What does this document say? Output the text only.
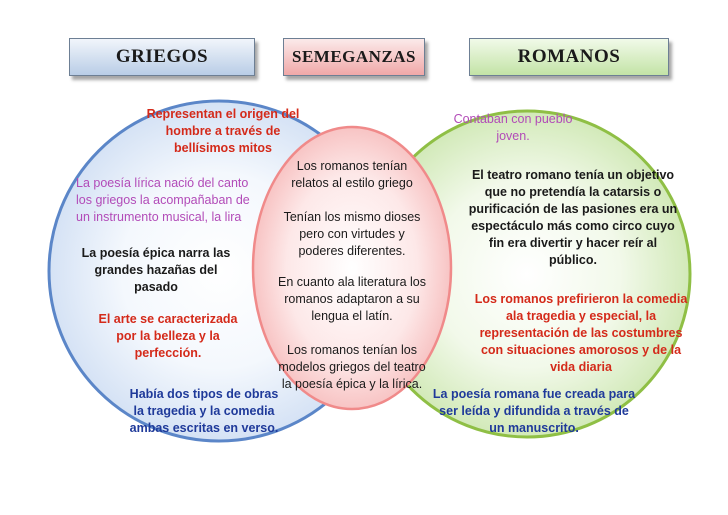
GRIEGOS	SEMEGANZAS	ROMANOS
Representan el origen del
hombre a través de
bellísimos mitos
La poesía lírica nació del canto
los griegos la acompañaban de
un instrumento musical, la lira
La poesía épica narra las
grandes hazañas del
pasado
El arte se caracterizada
por la belleza y la
perfección.
Había dos tipos de obras
la tragedia y la comedia
ambas escritas en verso.
Los romanos tenían
relatos al estilo griego
Tenían los mismo dioses
pero con virtudes y
poderes diferentes.
En cuanto ala literatura los
romanos adaptaron a su
lengua el latín.
Los romanos tenían los
modelos griegos del teatro
la poesía épica y la lírica.
Contaban con pueblo
joven.
El teatro romano tenía un objetivo
que no pretendía la catarsis o
purificación de las pasiones era un
espectáculo más como circo cuyo
fin era divertir y hacer reír al
público.
Los romanos prefirieron la comedia
ala tragedia y especial, la
representación de las costumbres
con situaciones amorosos y de la
vida diaria
La poesía romana fue creada para
ser leída y difundida a través de
un manuscrito.
